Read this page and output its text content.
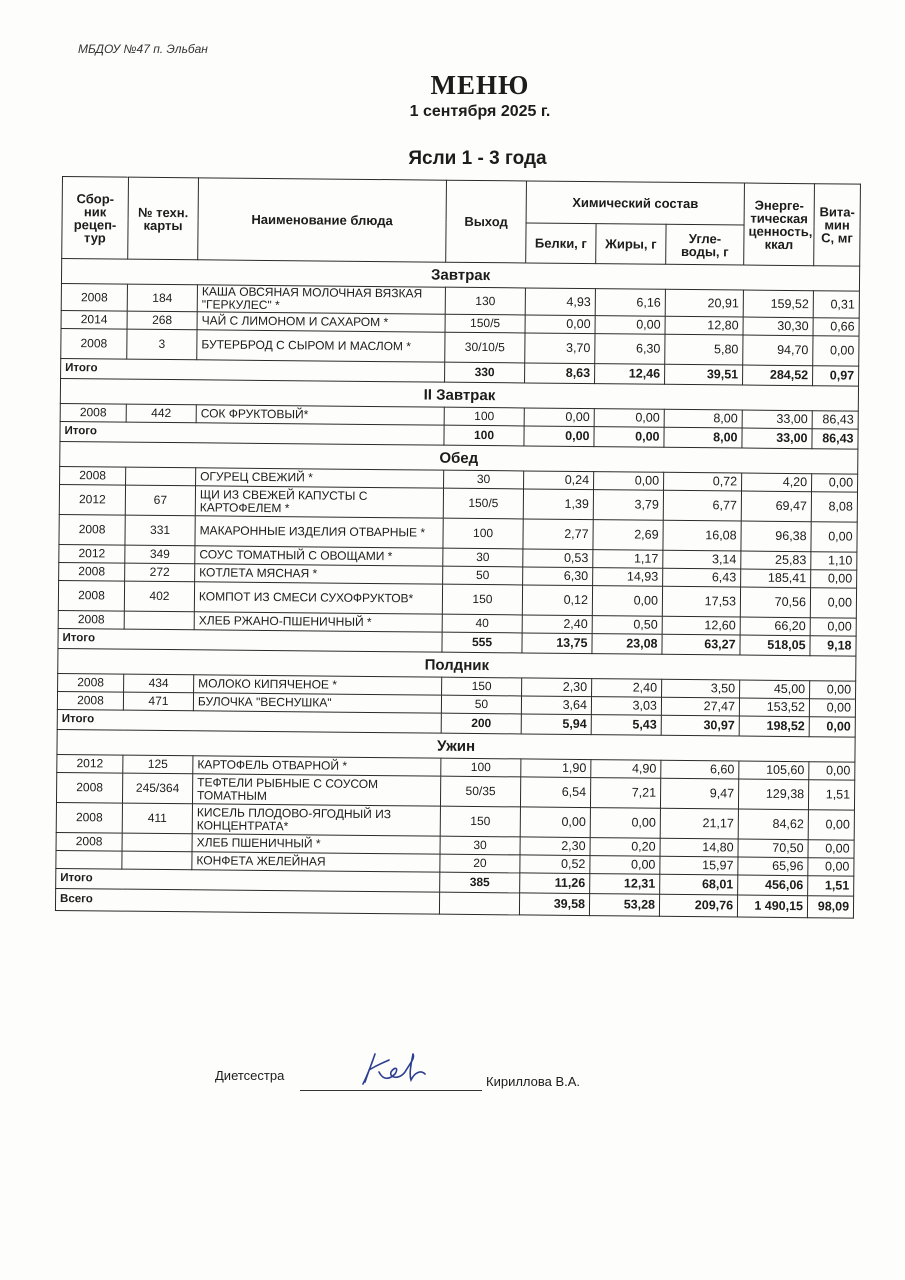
МБДОУ №47 п. Эльбан
МЕНЮ
1 сентября 2025 г.
Ясли 1 - 3 года
Сбор-ник рецеп-тур	№ техн. карты	Наименование блюда	Выход	Химический состав			Энерге-тическая ценность, ккал	Вита-мин С, мг
				Белки, г	Жиры, г	Угле-воды, г		
Завтрак								
2008	184	КАША ОВСЯНАЯ МОЛОЧНАЯ ВЯЗКАЯ "ГЕРКУЛЕС" *	130	4,93	6,16	20,91	159,52	0,31
2014	268	ЧАЙ С ЛИМОНОМ И САХАРОМ *	150/5	0,00	0,00	12,80	30,30	0,66
2008	3	БУТЕРБРОД С СЫРОМ И МАСЛОМ *	30/10/5	3,70	6,30	5,80	94,70	0,00
Итого			330	8,63	12,46	39,51	284,52	0,97
II Завтрак								
2008	442	СОК ФРУКТОВЫЙ*	100	0,00	0,00	8,00	33,00	86,43
Итого			100	0,00	0,00	8,00	33,00	86,43
Обед								
2008		ОГУРЕЦ СВЕЖИЙ *	30	0,24	0,00	0,72	4,20	0,00
2012	67	ЩИ ИЗ СВЕЖЕЙ КАПУСТЫ С КАРТОФЕЛЕМ *	150/5	1,39	3,79	6,77	69,47	8,08
2008	331	МАКАРОННЫЕ ИЗДЕЛИЯ ОТВАРНЫЕ *	100	2,77	2,69	16,08	96,38	0,00
2012	349	СОУС ТОМАТНЫЙ С ОВОЩАМИ *	30	0,53	1,17	3,14	25,83	1,10
2008	272	КОТЛЕТА МЯСНАЯ *	50	6,30	14,93	6,43	185,41	0,00
2008	402	КОМПОТ ИЗ СМЕСИ СУХОФРУКТОВ*	150	0,12	0,00	17,53	70,56	0,00
2008		ХЛЕБ РЖАНО-ПШЕНИЧНЫЙ *	40	2,40	0,50	12,60	66,20	0,00
Итого			555	13,75	23,08	63,27	518,05	9,18
Полдник								
2008	434	МОЛОКО КИПЯЧЕНОЕ *	150	2,30	2,40	3,50	45,00	0,00
2008	471	БУЛОЧКА "ВЕСНУШКА"	50	3,64	3,03	27,47	153,52	0,00
Итого			200	5,94	5,43	30,97	198,52	0,00
Ужин								
2012	125	КАРТОФЕЛЬ ОТВАРНОЙ *	100	1,90	4,90	6,60	105,60	0,00
2008	245/364	ТЕФТЕЛИ РЫБНЫЕ С СОУСОМ ТОМАТНЫМ	50/35	6,54	7,21	9,47	129,38	1,51
2008	411	КИСЕЛЬ ПЛОДОВО-ЯГОДНЫЙ ИЗ КОНЦЕНТРАТА*	150	0,00	0,00	21,17	84,62	0,00
2008		ХЛЕБ ПШЕНИЧНЫЙ *	30	2,30	0,20	14,80	70,50	0,00
		КОНФЕТА ЖЕЛЕЙНАЯ	20	0,52	0,00	15,97	65,96	0,00
Итого			385	11,26	12,31	68,01	456,06	1,51
Всего				39,58	53,28	209,76	1 490,15	98,09
Диетсестра	Кириллова В.А.
